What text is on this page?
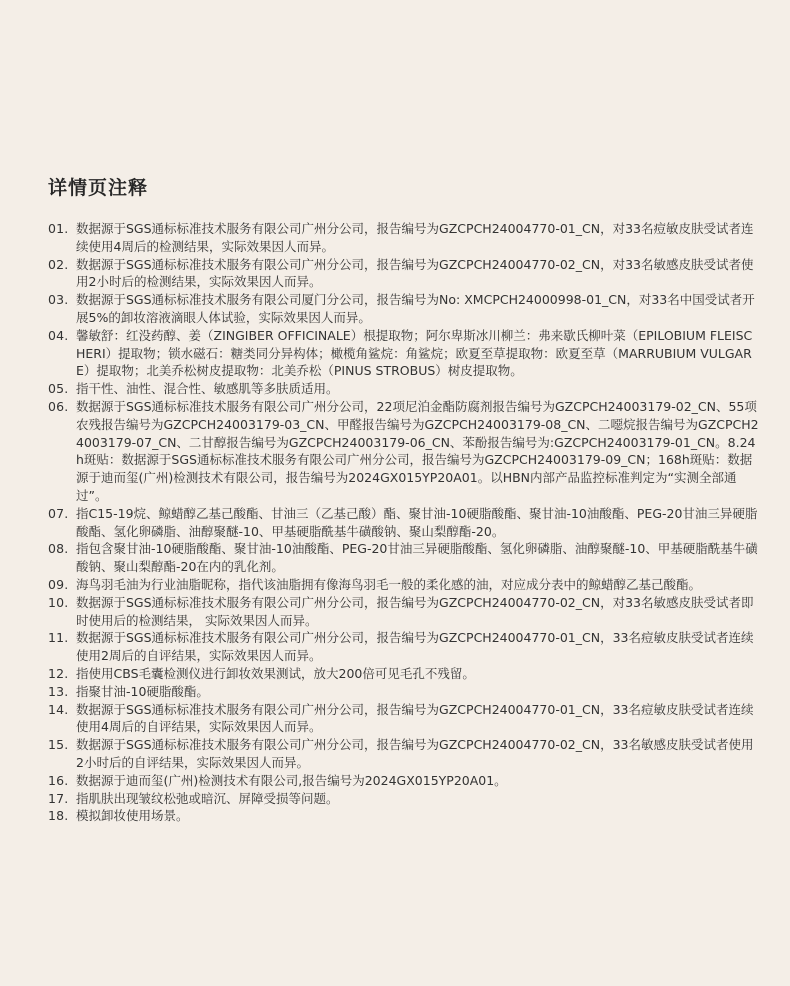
详情页注释
01. 数据源于SGS通标标准技术服务有限公司广州分公司，报告编号为GZCPCH24004770-01_CN，对33名痘敏皮肤受试者连续使用4周后的检测结果，实际效果因人而异。
02. 数据源于SGS通标标准技术服务有限公司广州分公司，报告编号为GZCPCH24004770-02_CN，对33名敏感皮肤受试者使用2小时后的检测结果，实际效果因人而异。
03. 数据源于SGS通标标准技术服务有限公司厦门分公司，报告编号为No: XMCPCH24000998-01_CN，对33名中国受试者开展5%的卸妆溶液滴眼人体试验，实际效果因人而异。
04. 馨敏舒：红没药醇、姜（ZINGIBER OFFICINALE）根提取物；阿尔卑斯冰川柳兰：弗来歇氏柳叶菜（EPILOBIUM FLEISCHERI）提取物；锁水磁石：糖类同分异构体；橄榄角鲨烷：角鲨烷；欧夏至草提取物：欧夏至草（MARRUBIUM VULGARE）提取物；北美乔松树皮提取物：北美乔松（PINUS STROBUS）树皮提取物。
05. 指干性、油性、混合性、敏感肌等多肤质适用。
06. 数据源于SGS通标标准技术服务有限公司广州分公司，22项尼泊金酯防腐剂报告编号为GZCPCH24003179-02_CN、55项农残报告编号为GZCPCH24003179-03_CN、甲醛报告编号为GZCPCH24003179-08_CN、二噁烷报告编号为GZCPCH24003179-07_CN、二甘醇报告编号为GZCPCH24003179-06_CN、苯酚报告编号为:GZCPCH24003179-01_CN。8.24h斑贴：数据源于SGS通标标准技术服务有限公司广州分公司，报告编号为GZCPCH24003179-09_CN；168h斑贴：数据源于迪而玺(广州)检测技术有限公司，报告编号为2024GX015YP20A01。以HBN内部产品监控标准判定为“实测全部通过”。
07. 指C15-19烷、鲸蜡醇乙基己酸酯、甘油三（乙基己酸）酯、聚甘油-10硬脂酸酯、聚甘油-10油酸酯、PEG-20甘油三异硬脂酸酯、氢化卵磷脂、油醇聚醚-10、甲基硬脂酰基牛磺酸钠、聚山梨醇酯-20。
08. 指包含聚甘油-10硬脂酸酯、聚甘油-10油酸酯、PEG-20甘油三异硬脂酸酯、氢化卵磷脂、油醇聚醚-10、甲基硬脂酰基牛磺酸钠、聚山梨醇酯-20在内的乳化剂。
09. 海鸟羽毛油为行业油脂昵称，指代该油脂拥有像海鸟羽毛一般的柔化感的油，对应成分表中的鲸蜡醇乙基己酸酯。
10. 数据源于SGS通标标准技术服务有限公司广州分公司，报告编号为GZCPCH24004770-02_CN，对33名敏感皮肤受试者即时使用后的检测结果， 实际效果因人而异。
11. 数据源于SGS通标标准技术服务有限公司广州分公司，报告编号为GZCPCH24004770-01_CN，33名痘敏皮肤受试者连续使用2周后的自评结果，实际效果因人而异。
12. 指使用CBS毛囊检测仪进行卸妆效果测试，放大200倍可见毛孔不残留。
13. 指聚甘油-10硬脂酸酯。
14. 数据源于SGS通标标准技术服务有限公司广州分公司，报告编号为GZCPCH24004770-01_CN，33名痘敏皮肤受试者连续使用4周后的自评结果，实际效果因人而异。
15. 数据源于SGS通标标准技术服务有限公司广州分公司，报告编号为GZCPCH24004770-02_CN，33名敏感皮肤受试者使用2小时后的自评结果，实际效果因人而异。
16. 数据源于迪而玺(广州)检测技术有限公司,报告编号为2024GX015YP20A01。
17. 指肌肤出现皱纹松弛或暗沉、屏障受损等问题。
18. 模拟卸妆使用场景。
